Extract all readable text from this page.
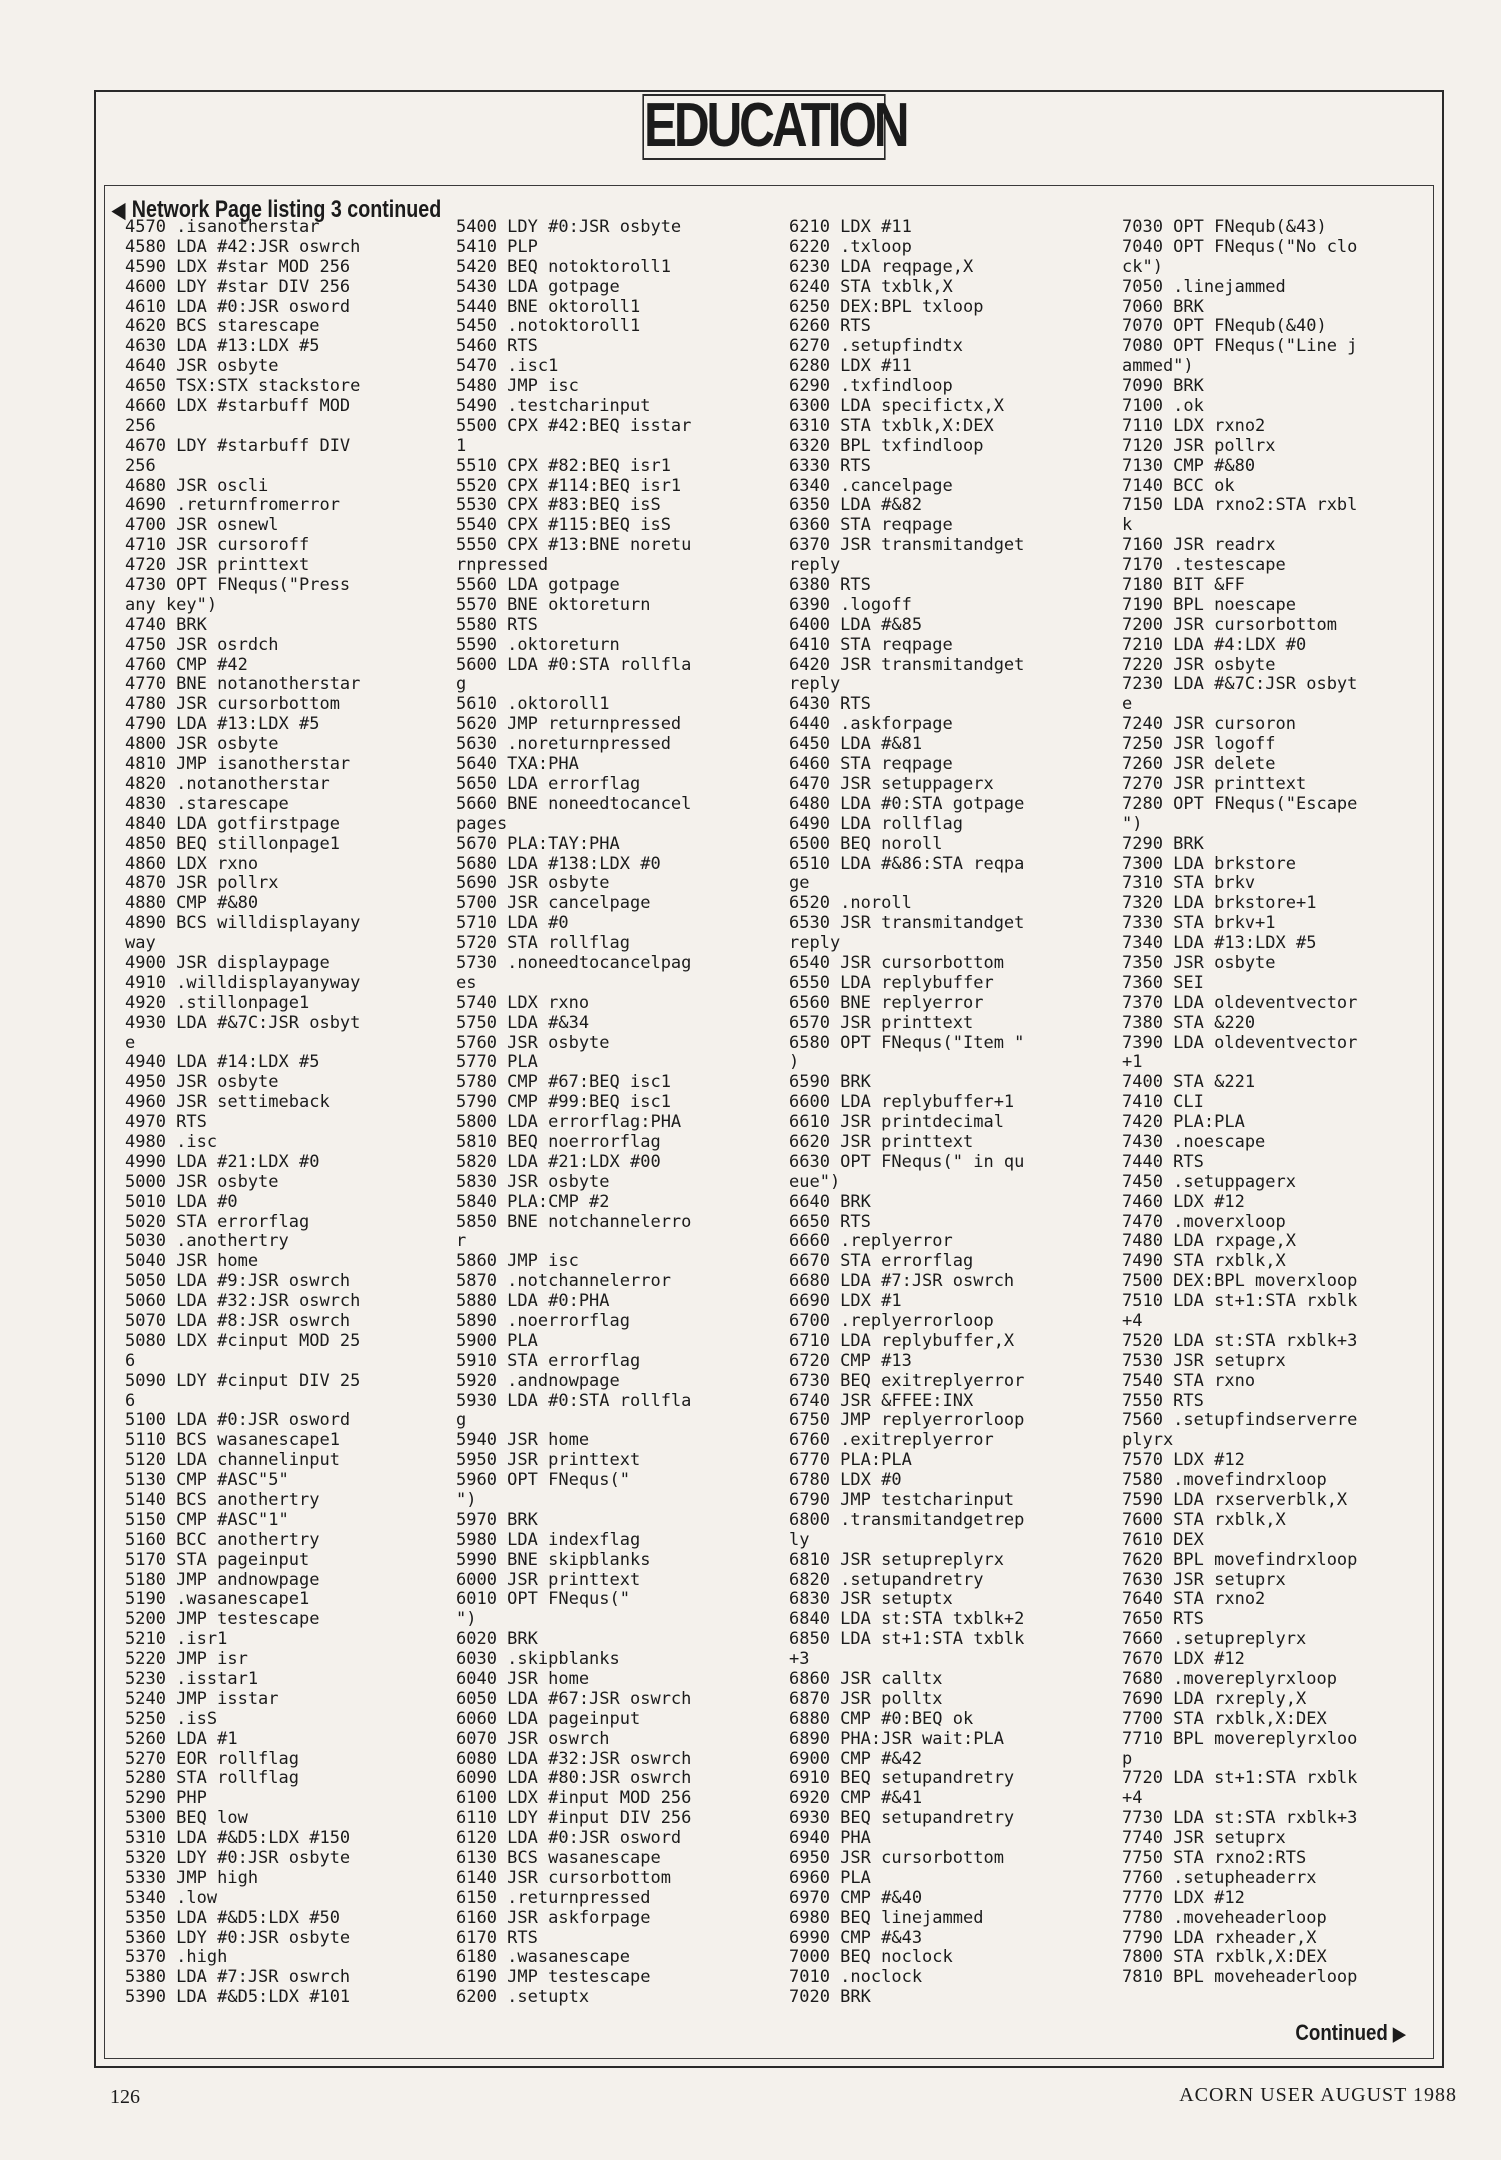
EDUCATION
◀ Network Page listing 3 continued
4570 .isanotherstar
4580 LDA #42:JSR oswrch
4590 LDX #star MOD 256
4600 LDY #star DIV 256
4610 LDA #0:JSR osword
4620 BCS starescape
4630 LDA #13:LDX #5
4640 JSR osbyte
4650 TSX:STX stackstore
4660 LDX #starbuff MOD
256
4670 LDY #starbuff DIV
256
4680 JSR oscli
4690 .returnfromerror
4700 JSR osnewl
4710 JSR cursoroff
4720 JSR printtext
4730 OPT FNequs("Press
any key")
4740 BRK
4750 JSR osrdch
4760 CMP #42
4770 BNE notanotherstar
4780 JSR cursorbottom
4790 LDA #13:LDX #5
4800 JSR osbyte
4810 JMP isanotherstar
4820 .notanotherstar
4830 .starescape
4840 LDA gotfirstpage
4850 BEQ stillonpage1
4860 LDX rxno
4870 JSR pollrx
4880 CMP #&80
4890 BCS willdisplayany
way
4900 JSR displaypage
4910 .willdisplayanyway
4920 .stillonpage1
4930 LDA #&7C:JSR osbyt
e
4940 LDA #14:LDX #5
4950 JSR osbyte
4960 JSR settimeback
4970 RTS
4980 .isc
4990 LDA #21:LDX #0
5000 JSR osbyte
5010 LDA #0
5020 STA errorflag
5030 .anothertry
5040 JSR home
5050 LDA #9:JSR oswrch
5060 LDA #32:JSR oswrch
5070 LDA #8:JSR oswrch
5080 LDX #cinput MOD 25
6
5090 LDY #cinput DIV 25
6
5100 LDA #0:JSR osword
5110 BCS wasanescape1
5120 LDA channelinput
5130 CMP #ASC"5"
5140 BCS anothertry
5150 CMP #ASC"1"
5160 BCC anothertry
5170 STA pageinput
5180 JMP andnowpage
5190 .wasanescape1
5200 JMP testescape
5210 .isr1
5220 JMP isr
5230 .isstar1
5240 JMP isstar
5250 .isS
5260 LDA #1
5270 EOR rollflag
5280 STA rollflag
5290 PHP
5300 BEQ low
5310 LDA #&D5:LDX #150
5320 LDY #0:JSR osbyte
5330 JMP high
5340 .low
5350 LDA #&D5:LDX #50
5360 LDY #0:JSR osbyte
5370 .high
5380 LDA #7:JSR oswrch
5390 LDA #&D5:LDX #101
5400 LDY #0:JSR osbyte
5410 PLP
5420 BEQ notoktoroll1
5430 LDA gotpage
5440 BNE oktoroll1
5450 .notoktoroll1
5460 RTS
5470 .isc1
5480 JMP isc
5490 .testcharinput
5500 CPX #42:BEQ isstar
1
5510 CPX #82:BEQ isr1
5520 CPX #114:BEQ isr1
5530 CPX #83:BEQ isS
5540 CPX #115:BEQ isS
5550 CPX #13:BNE noretu
rnpressed
5560 LDA gotpage
5570 BNE oktoreturn
5580 RTS
5590 .oktoreturn
5600 LDA #0:STA rollfla
g
5610 .oktoroll1
5620 JMP returnpressed
5630 .noreturnpressed
5640 TXA:PHA
5650 LDA errorflag
5660 BNE noneedtocancel
pages
5670 PLA:TAY:PHA
5680 LDA #138:LDX #0
5690 JSR osbyte
5700 JSR cancelpage
5710 LDA #0
5720 STA rollflag
5730 .noneedtocancelpag
es
5740 LDX rxno
5750 LDA #&34
5760 JSR osbyte
5770 PLA
5780 CMP #67:BEQ isc1
5790 CMP #99:BEQ isc1
5800 LDA errorflag:PHA
5810 BEQ noerrorflag
5820 LDA #21:LDX #00
5830 JSR osbyte
5840 PLA:CMP #2
5850 BNE notchannelerro
r
5860 JMP isc
5870 .notchannelerror
5880 LDA #0:PHA
5890 .noerrorflag
5900 PLA
5910 STA errorflag
5920 .andnowpage
5930 LDA #0:STA rollfla
g
5940 JSR home
5950 JSR printtext
5960 OPT FNequs("
")
5970 BRK
5980 LDA indexflag
5990 BNE skipblanks
6000 JSR printtext
6010 OPT FNequs("
")
6020 BRK
6030 .skipblanks
6040 JSR home
6050 LDA #67:JSR oswrch
6060 LDA pageinput
6070 JSR oswrch
6080 LDA #32:JSR oswrch
6090 LDA #80:JSR oswrch
6100 LDX #input MOD 256
6110 LDY #input DIV 256
6120 LDA #0:JSR osword
6130 BCS wasanescape
6140 JSR cursorbottom
6150 .returnpressed
6160 JSR askforpage
6170 RTS
6180 .wasanescape
6190 JMP testescape
6200 .setuptx
6210 LDX #11
6220 .txloop
6230 LDA reqpage,X
6240 STA txblk,X
6250 DEX:BPL txloop
6260 RTS
6270 .setupfindtx
6280 LDX #11
6290 .txfindloop
6300 LDA specifictx,X
6310 STA txblk,X:DEX
6320 BPL txfindloop
6330 RTS
6340 .cancelpage
6350 LDA #&82
6360 STA reqpage
6370 JSR transmitandget
reply
6380 RTS
6390 .logoff
6400 LDA #&85
6410 STA reqpage
6420 JSR transmitandget
reply
6430 RTS
6440 .askforpage
6450 LDA #&81
6460 STA reqpage
6470 JSR setuppagerx
6480 LDA #0:STA gotpage
6490 LDA rollflag
6500 BEQ noroll
6510 LDA #&86:STA reqpa
ge
6520 .noroll
6530 JSR transmitandget
reply
6540 JSR cursorbottom
6550 LDA replybuffer
6560 BNE replyerror
6570 JSR printtext
6580 OPT FNequs("Item "
)
6590 BRK
6600 LDA replybuffer+1
6610 JSR printdecimal
6620 JSR printtext
6630 OPT FNequs(" in qu
eue")
6640 BRK
6650 RTS
6660 .replyerror
6670 STA errorflag
6680 LDA #7:JSR oswrch
6690 LDX #1
6700 .replyerrorloop
6710 LDA replybuffer,X
6720 CMP #13
6730 BEQ exitreplyerror
6740 JSR &FFEE:INX
6750 JMP replyerrorloop
6760 .exitreplyerror
6770 PLA:PLA
6780 LDX #0
6790 JMP testcharinput
6800 .transmitandgetrep
ly
6810 JSR setupreplyrx
6820 .setupandretry
6830 JSR setuptx
6840 LDA st:STA txblk+2
6850 LDA st+1:STA txblk
+3
6860 JSR calltx
6870 JSR polltx
6880 CMP #0:BEQ ok
6890 PHA:JSR wait:PLA
6900 CMP #&42
6910 BEQ setupandretry
6920 CMP #&41
6930 BEQ setupandretry
6940 PHA
6950 JSR cursorbottom
6960 PLA
6970 CMP #&40
6980 BEQ linejammed
6990 CMP #&43
7000 BEQ noclock
7010 .noclock
7020 BRK
7030 OPT FNequb(&43)
7040 OPT FNequs("No clo
ck")
7050 .linejammed
7060 BRK
7070 OPT FNequb(&40)
7080 OPT FNequs("Line j
ammed")
7090 BRK
7100 .ok
7110 LDX rxno2
7120 JSR pollrx
7130 CMP #&80
7140 BCC ok
7150 LDA rxno2:STA rxbl
k
7160 JSR readrx
7170 .testescape
7180 BIT &FF
7190 BPL noescape
7200 JSR cursorbottom
7210 LDA #4:LDX #0
7220 JSR osbyte
7230 LDA #&7C:JSR osbyt
e
7240 JSR cursoron
7250 JSR logoff
7260 JSR delete
7270 JSR printtext
7280 OPT FNequs("Escape
")
7290 BRK
7300 LDA brkstore
7310 STA brkv
7320 LDA brkstore+1
7330 STA brkv+1
7340 LDA #13:LDX #5
7350 JSR osbyte
7360 SEI
7370 LDA oldeventvector
7380 STA &220
7390 LDA oldeventvector
+1
7400 STA &221
7410 CLI
7420 PLA:PLA
7430 .noescape
7440 RTS
7450 .setuppagerx
7460 LDX #12
7470 .moverxloop
7480 LDA rxpage,X
7490 STA rxblk,X
7500 DEX:BPL moverxloop
7510 LDA st+1:STA rxblk
+4
7520 LDA st:STA rxblk+3
7530 JSR setuprx
7540 STA rxno
7550 RTS
7560 .setupfindserverre
plyrx
7570 LDX #12
7580 .movefindrxloop
7590 LDA rxserverblk,X
7600 STA rxblk,X
7610 DEX
7620 BPL movefindrxloop
7630 JSR setuprx
7640 STA rxno2
7650 RTS
7660 .setupreplyrx
7670 LDX #12
7680 .movereplyrxloop
7690 LDA rxreply,X
7700 STA rxblk,X:DEX
7710 BPL movereplyrxloo
p
7720 LDA st+1:STA rxblk
+4
7730 LDA st:STA rxblk+3
7740 JSR setuprx
7750 STA rxno2:RTS
7760 .setupheaderrx
7770 LDX #12
7780 .moveheaderloop
7790 LDA rxheader,X
7800 STA rxblk,X:DEX
7810 BPL moveheaderloop
Continued ▶
126	ACORN USER AUGUST 1988
